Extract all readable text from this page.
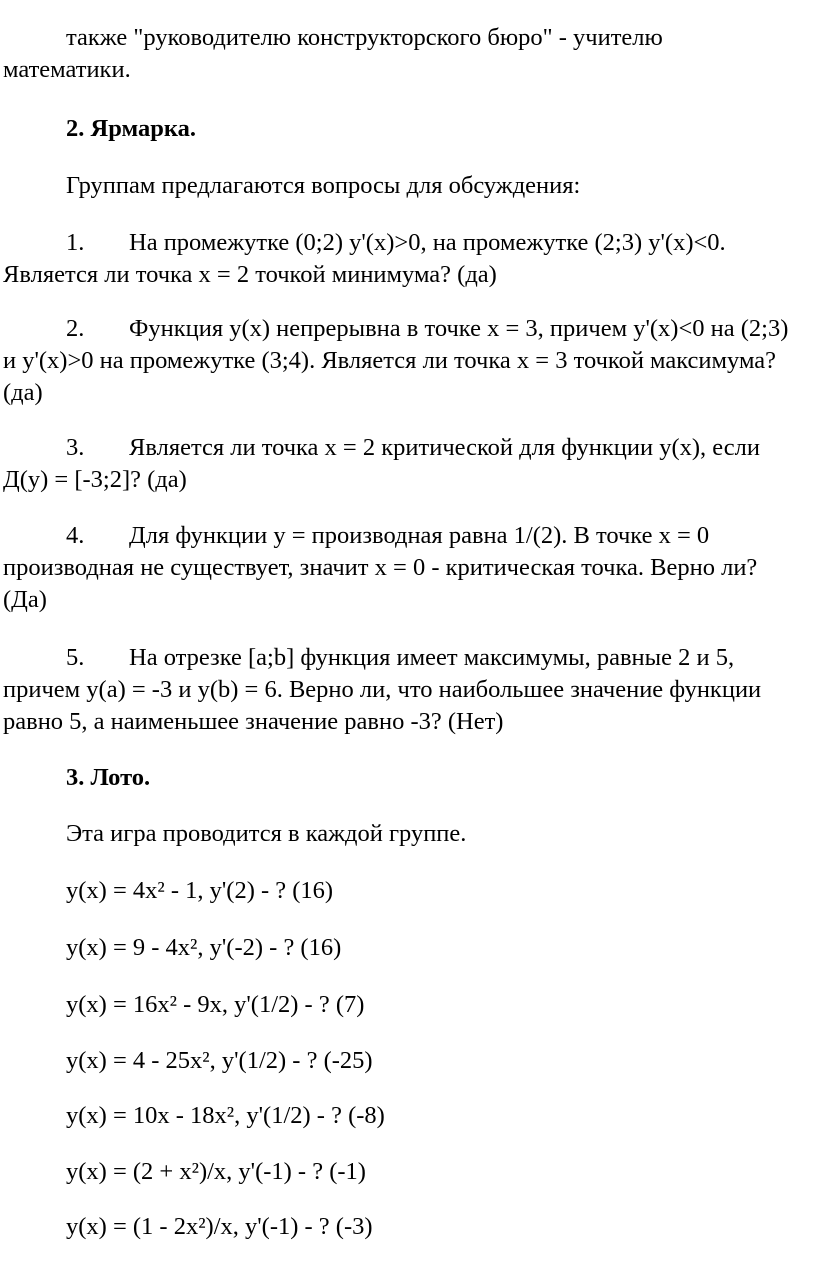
также "руководителю конструкторского бюро" - учителю
математики.

2. Ярмарка.

Группам предлагаются вопросы для обсуждения:

1. На промежутке (0;2) y'(x)>0, на промежутке (2;3) y'(x)<0.
Является ли точка x = 2 точкой минимума? (да)

2. Функция y(x) непрерывна в точке x = 3, причем y'(x)<0 на (2;3)
и y'(x)>0 на промежутке (3;4). Является ли точка x = 3 точкой максимума?
(да)

3. Является ли точка x = 2 критической для функции y(x), если
Д(y) = [-3;2]? (да)

4. Для функции y = производная равна 1/(2). В точке x = 0
производная не существует, значит x = 0 - критическая точка. Верно ли?
(Да)

5. На отрезке [a;b] функция имеет максимумы, равные 2 и 5,
причем y(a) = -3 и y(b) = 6. Верно ли, что наибольшее значение функции
равно 5, а наименьшее значение равно -3? (Нет)

3. Лото.

Эта игра проводится в каждой группе.

y(x) = 4x² - 1, y'(2) - ? (16)

y(x) = 9 - 4x², y'(-2) - ? (16)

y(x) = 16x² - 9x, y'(1/2) - ? (7)

y(x) = 4 - 25x², y'(1/2) - ? (-25)

y(x) = 10x - 18x², y'(1/2) - ? (-8)

y(x) = (2 + x²)/x, y'(-1) - ? (-1)

y(x) = (1 - 2x²)/x, y'(-1) - ? (-3)
